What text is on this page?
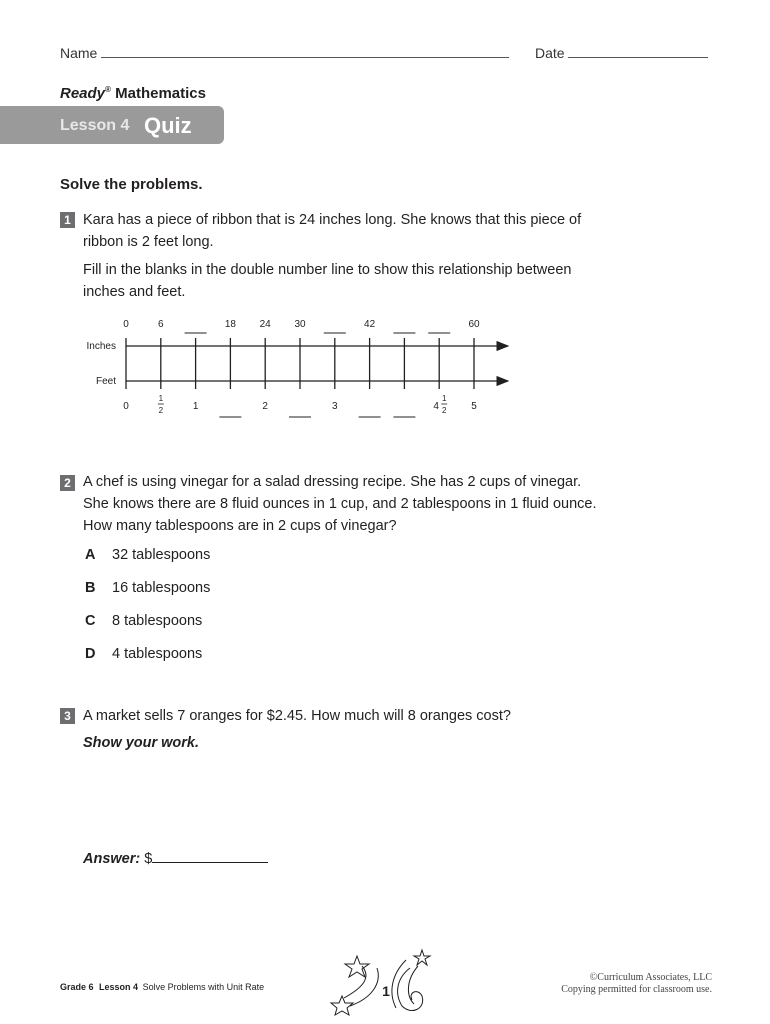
Name	Date
Ready® Mathematics
Lesson 4 Quiz
Solve the problems.
1 Kara has a piece of ribbon that is 24 inches long. She knows that this piece of
ribbon is 2 feet long.
Fill in the blanks in the double number line to show this relationship between
inches and feet.
Inches
Feet
0	6	18 24 30	42	60
0
1
2	1	2	3	4
1
2 5
2 A chef is using vinegar for a salad dressing recipe. She has 2 cups of vinegar.
She knows there are 8 fluid ounces in 1 cup, and 2 tablespoons in 1 fluid ounce.
How many tablespoons are in 2 cups of vinegar?
A 32 tablespoons
B 16 tablespoons
C 8 tablespoons
D 4 tablespoons
3 A market sells 7 oranges for $2.45. How much will 8 oranges cost?
Show your work.
Answer: $
Grade 6 Lesson 4 Solve Problems with Unit Rate	1
©Curriculum Associates, LLC
Copying permitted for classroom use.
